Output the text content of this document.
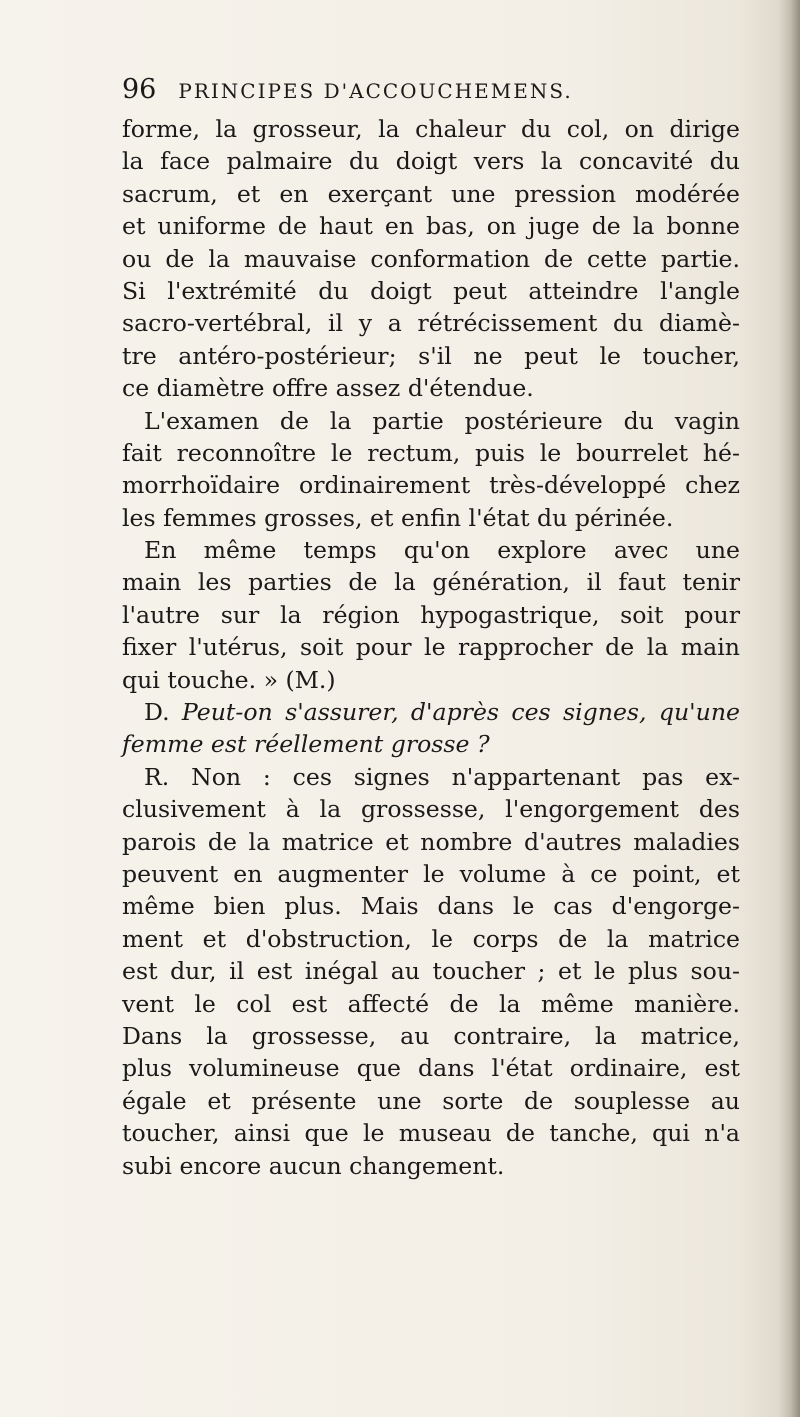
96 PRINCIPES D'ACCOUCHEMENS.
forme, la grosseur, la chaleur du col, on dirige
la face palmaire du doigt vers la concavité du
sacrum, et en exerçant une pression modérée
et uniforme de haut en bas, on juge de la bonne
ou de la mauvaise conformation de cette partie.
Si l'extrémité du doigt peut atteindre l'angle
sacro-vertébral, il y a rétrécissement du diamè-
tre antéro-postérieur; s'il ne peut le toucher,
ce diamètre offre assez d'étendue.
L'examen de la partie postérieure du vagin
fait reconnoître le rectum, puis le bourrelet hé-
morrhoïdaire ordinairement très-développé chez
les femmes grosses, et enfin l'état du périnée.
En même temps qu'on explore avec une
main les parties de la génération, il faut tenir
l'autre sur la région hypogastrique, soit pour
fixer l'utérus, soit pour le rapprocher de la main
qui touche. » (M.)
D. Peut-on s'assurer, d'après ces signes, qu'une
femme est réellement grosse ?
R. Non : ces signes n'appartenant pas ex-
clusivement à la grossesse, l'engorgement des
parois de la matrice et nombre d'autres maladies
peuvent en augmenter le volume à ce point, et
même bien plus. Mais dans le cas d'engorge-
ment et d'obstruction, le corps de la matrice
est dur, il est inégal au toucher ; et le plus sou-
vent le col est affecté de la même manière.
Dans la grossesse, au contraire, la matrice,
plus volumineuse que dans l'état ordinaire, est
égale et présente une sorte de souplesse au
toucher, ainsi que le museau de tanche, qui n'a
subi encore aucun changement.
